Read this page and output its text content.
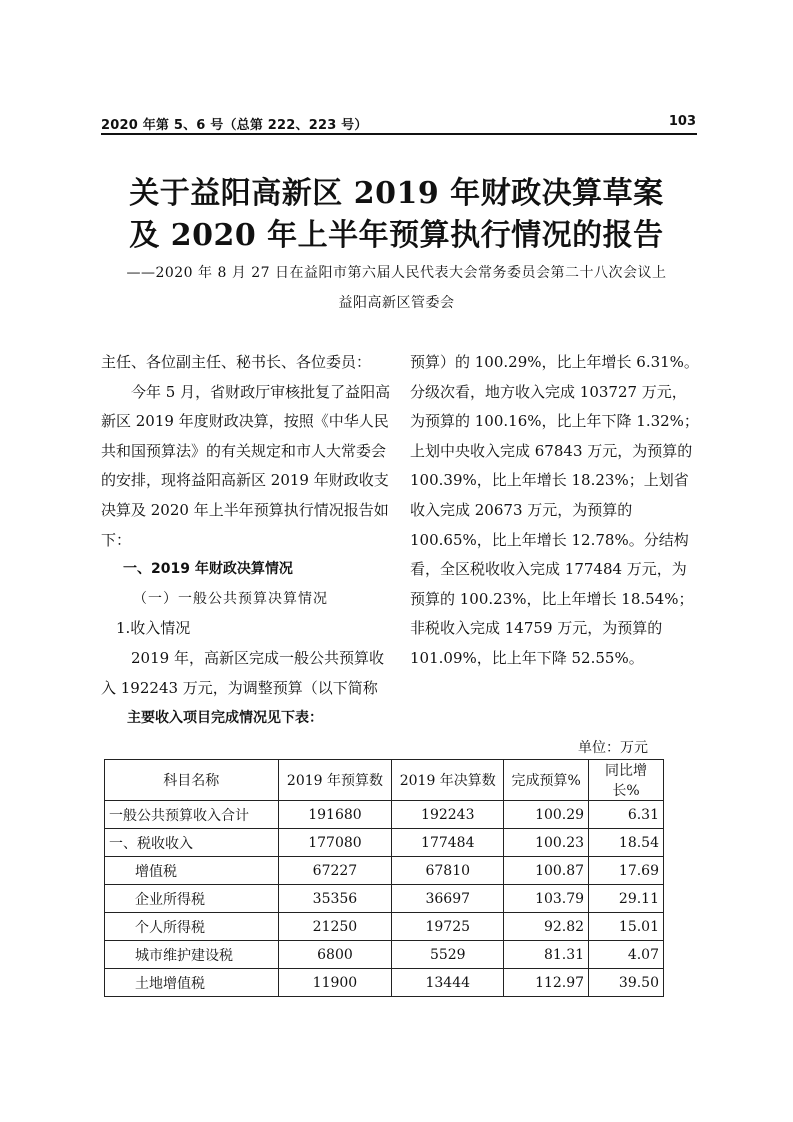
2020 年第 5、6 号（总第 222、223 号）	103
关于益阳高新区 2019 年财政决算草案
及 2020 年上半年预算执行情况的报告
——2020 年 8 月 27 日在益阳市第六届人民代表大会常务委员会第二十八次会议上
益阳高新区管委会

主任、各位副主任、秘书长、各位委员：

今年 5 月，省财政厅审核批复了益阳高新区 2019 年度财政决算，按照《中华人民共和国预算法》的有关规定和市人大常委会的安排，现将益阳高新区 2019 年财政收支决算及 2020 年上半年预算执行情况报告如下：

一、2019 年财政决算情况

（一）一般公共预算决算情况

1.收入情况

2019 年，高新区完成一般公共预算收入 192243 万元，为调整预算（以下简称

预算）的 100.29%，比上年增长 6.31%。分级次看，地方收入完成 103727 万元，为预算的 100.16%，比上年下降 1.32%；上划中央收入完成 67843 万元，为预算的 100.39%，比上年增长 18.23%；上划省收入完成 20673 万元，为预算的 100.65%，比上年增长 12.78%。分结构看，全区税收收入完成 177484 万元，为预算的 100.23%，比上年增长 18.54%；非税收入完成 14759 万元，为预算的 101.09%，比上年下降 52.55%。

主要收入项目完成情况见下表：
单位：万元
科目名称	2019 年预算数	2019 年决算数	完成预算%	同比增长%
一般公共预算收入合计	191680	192243	100.29	6.31
一、税收收入	177080	177484	100.23	18.54
增值税	67227	67810	100.87	17.69
企业所得税	35356	36697	103.79	29.11
个人所得税	21250	19725	92.82	15.01
城市维护建设税	6800	5529	81.31	4.07
土地增值税	11900	13444	112.97	39.50
